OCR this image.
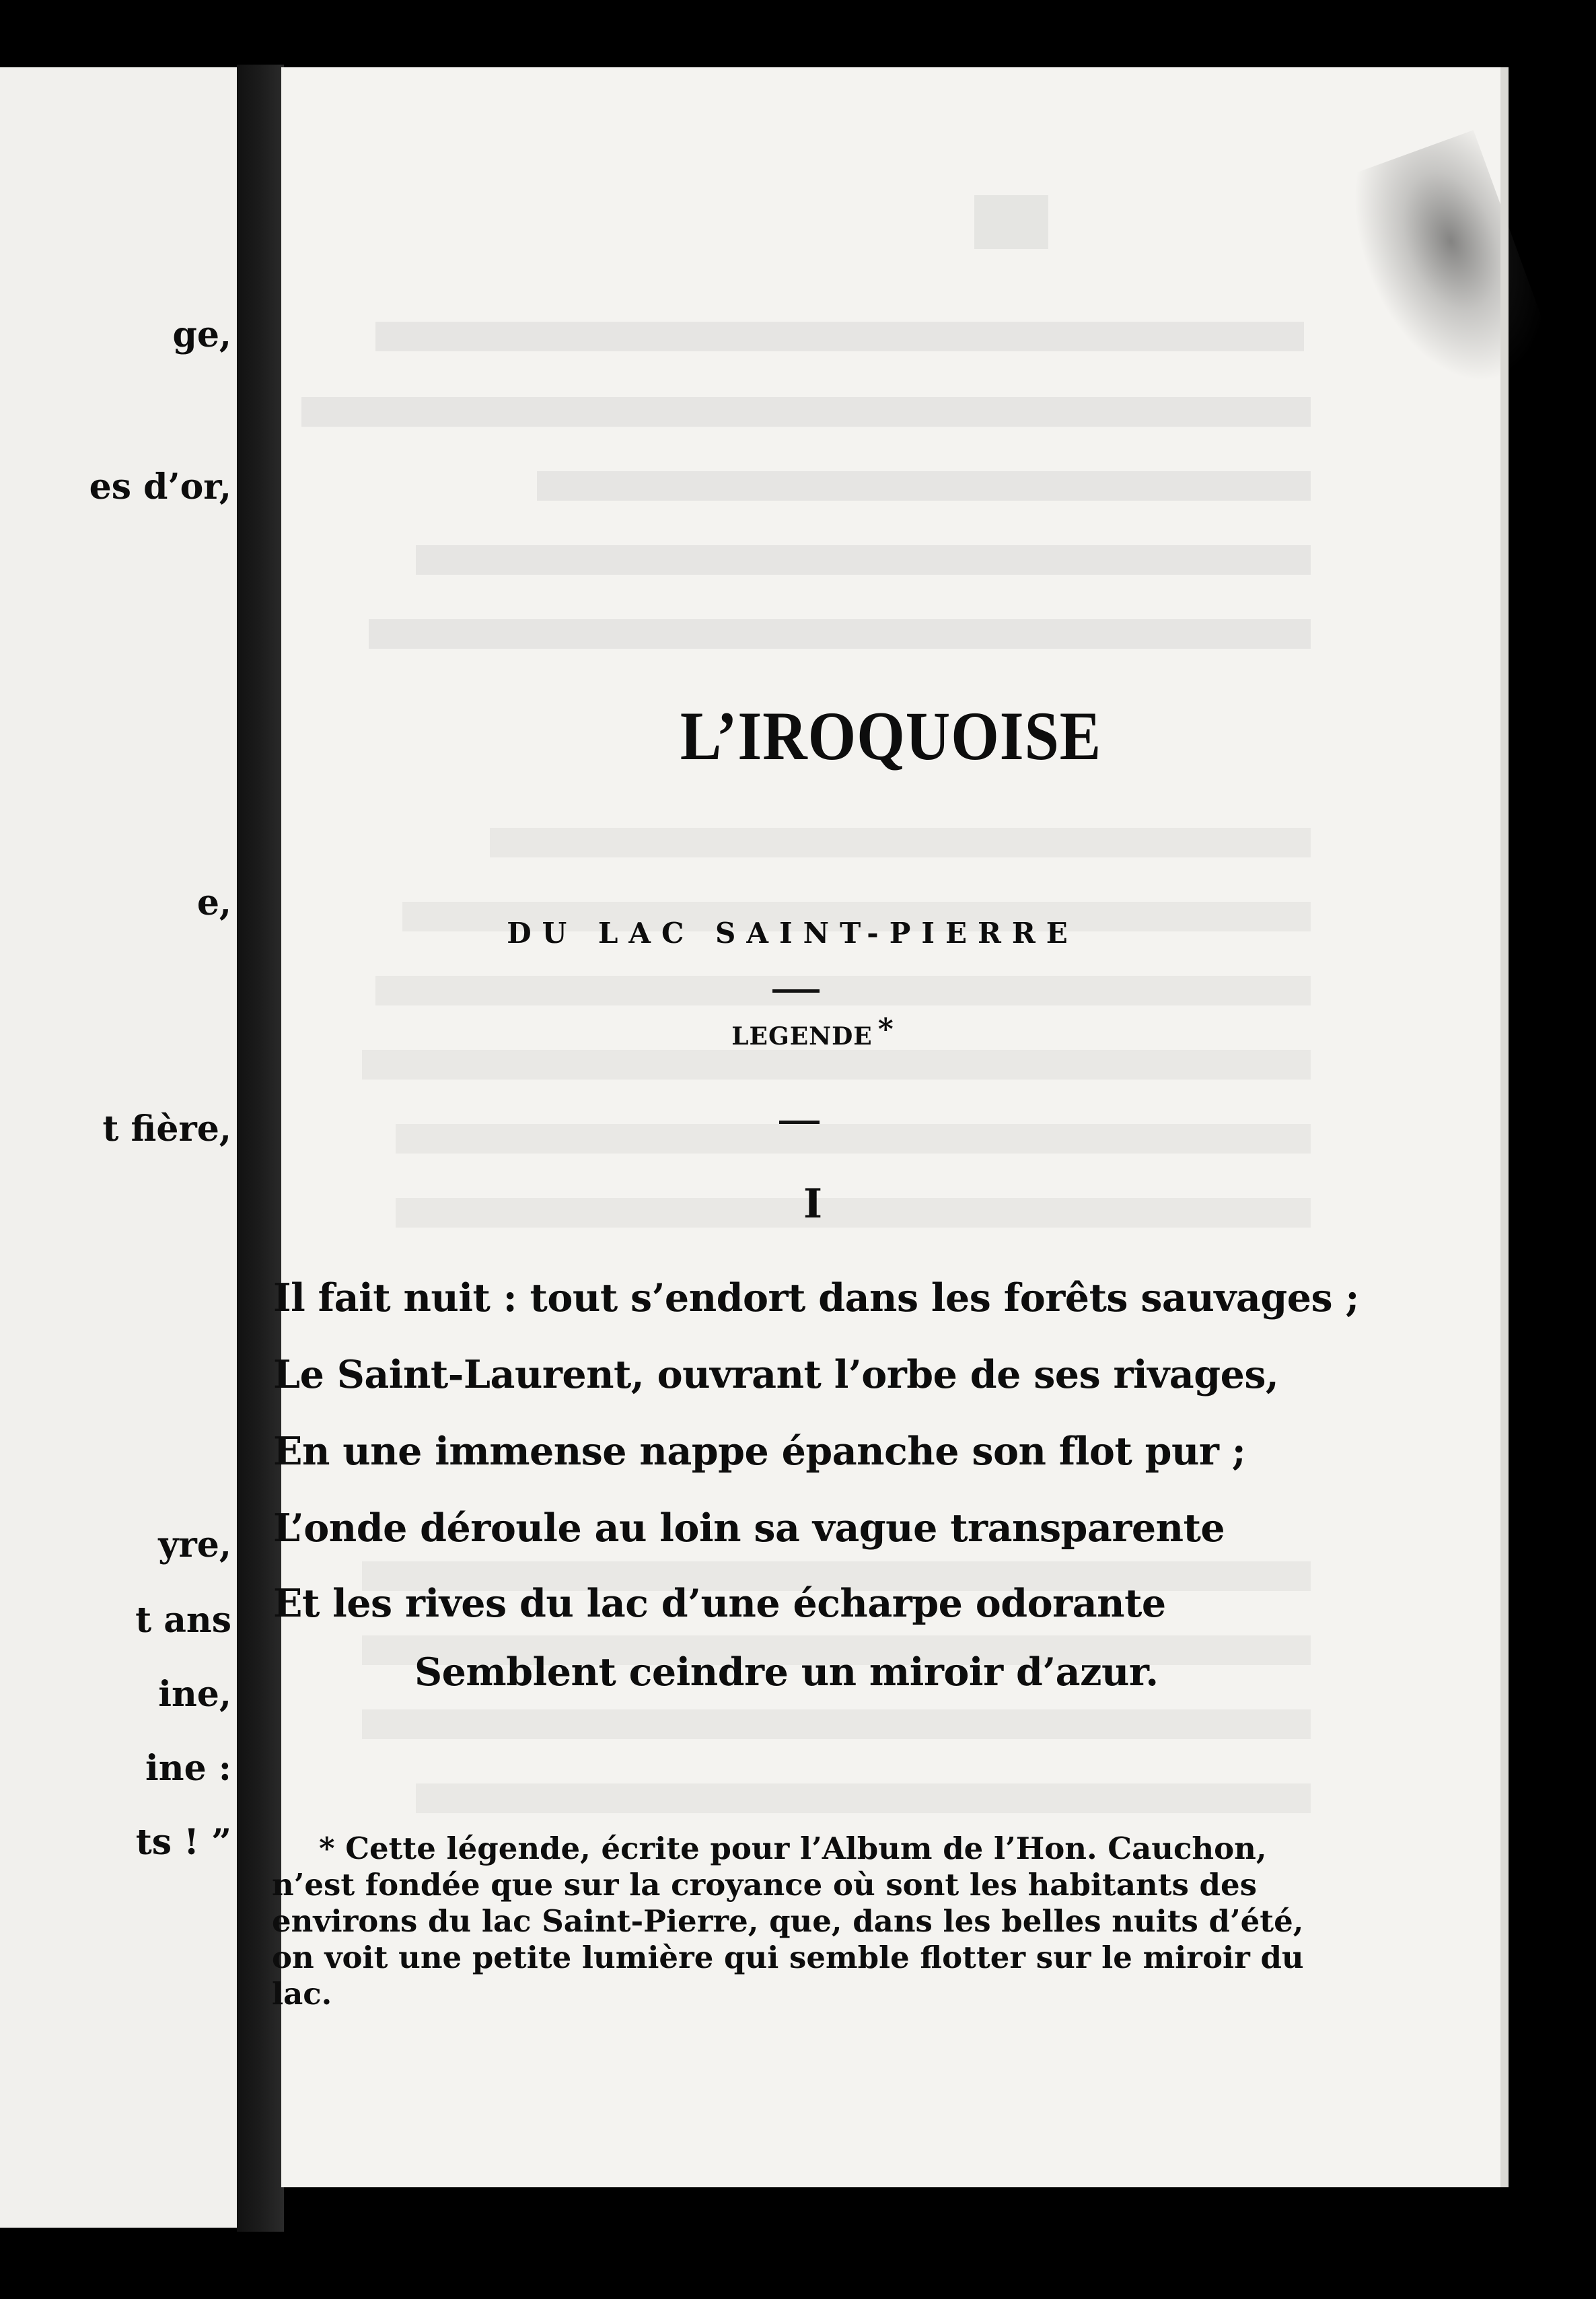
ge,
es d’or,
e,
t fière,
yre,
t ans
ine,
ine :
ts ! ”
L’IROQUOISE
DU LAC SAINT-PIERRE
LEGENDE *
I
Il fait nuit : tout s’endort dans les forêts sauvages ;
Le Saint-Laurent, ouvrant l’orbe de ses rivages,
En une immense nappe épanche son flot pur ;
L’onde déroule au loin sa vague transparente
Et les rives du lac d’une écharpe odorante
Semblent ceindre un miroir d’azur.
* Cette légende, écrite pour l’Album de l’Hon. Cauchon,
n’est fondée que sur la croyance où sont les habitants des
environs du lac Saint-Pierre, que, dans les belles nuits d’été,
on voit une petite lumière qui semble flotter sur le miroir du
lac.
